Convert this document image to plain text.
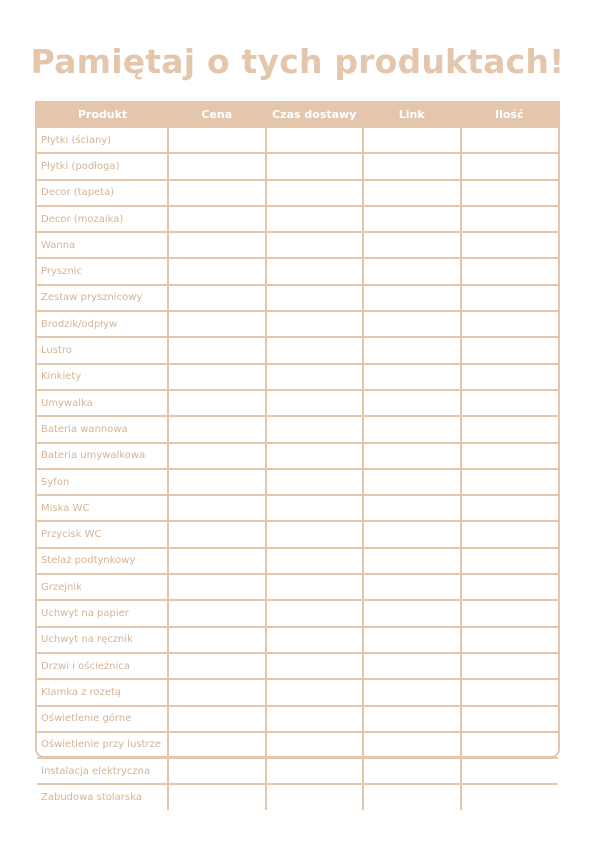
Pamiętaj o tych produktach!
Produkt	Cena	Czas dostawy	Link	Ilość
Płytki (ściany)				
Płytki (podłoga)				
Decor (tapeta)				
Decor (mozaika)				
Wanna				
Prysznic				
Zestaw prysznicowy				
Brodzik/odpływ				
Lustro				
Kinkiety				
Umywalka				
Bateria wannowa				
Bateria umywalkowa				
Syfon				
Miska WC				
Przycisk WC				
Stelaż podtynkowy				
Grzejnik				
Uchwyt na papier				
Uchwyt na ręcznik				
Drzwi i ościeżnica				
Klamka z rozetą				
Oświetlenie górne				
Oświetlenie przy lustrze				
Instalacja elektryczna				
Zabudowa stolarska				
